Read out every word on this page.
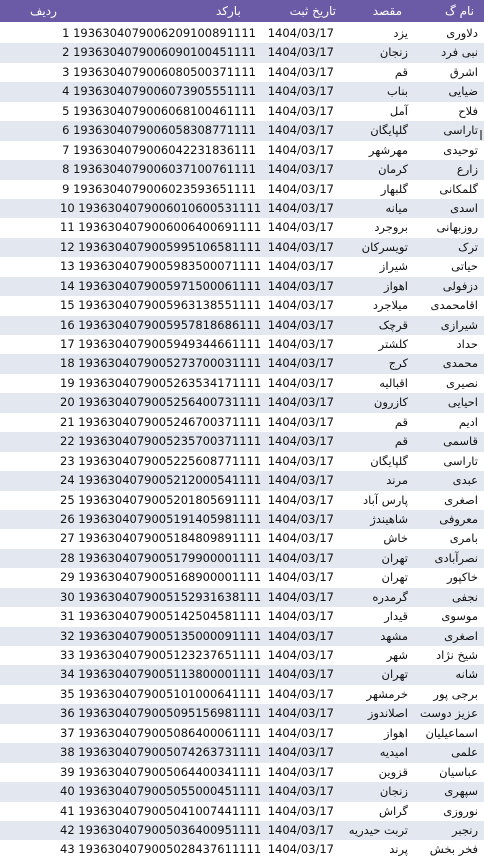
ردیف	بارکد	تاریخ ثبت	مقصد	نام گ
1 1936304079006209100891111	1404/03/17	یزد	دلاوری
2 1936304079006090100451111	1404/03/17	زنجان	نبی فرد
3 1936304079006080500371111	1404/03/17	قم	اشرق
4 1936304079006073905551111	1404/03/17	بناب	ضیایی
5 1936304079006068100461111	1404/03/17	آمل	فلاح
6 1936304079006058308771111	1404/03/17	گلپایگان	تاراسی
7 1936304079006042231836111	1404/03/17	مهرشهر	توحیدی
8 1936304079006037100761111	1404/03/17	کرمان	زارع
9 1936304079006023593651111	1404/03/17	گلبهار	گلمکانی
10 1936304079006010600531111 1404/03/17	میانه	اسدی
11 1936304079006006400691111 1404/03/17	بروجرد	روزبهانی
12 1936304079005995106581111 1404/03/17	تویسرکان	ترک
13 1936304079005983500071111 1404/03/17	شیراز	حیاتی
14 1936304079005971500061111 1404/03/17	اهواز	دزفولی
15 1936304079005963138551111 1404/03/17	میلاجرد	اقامحمدی
16 1936304079005957818686111 1404/03/17	قرچک	شیرازی
17 1936304079005949344661111 1404/03/17	کلشتر	حداد
18 1936304079005273700031111 1404/03/17	کرج	محمدی
19 1936304079005263534171111 1404/03/17	اقبالیه	نصیری
20 1936304079005256400731111 1404/03/17	کازرون	احیایی
21 1936304079005246700371111 1404/03/17	قم	ادیم
22 1936304079005235700371111 1404/03/17	قم	قاسمی
23 1936304079005225608771111 1404/03/17	گلپایگان	تاراسی
24 1936304079005212000541111 1404/03/17	مرند	عبدی
25 1936304079005201805691111 1404/03/17	پارس آباد	اصغری
26 1936304079005191405981111 1404/03/17	شاهیندژ	معروفی
27 1936304079005184809891111 1404/03/17	خاش	بامری
28 1936304079005179900001111 1404/03/17	تهران	نصرآبادی
29 1936304079005168900001111 1404/03/17	تهران	خاکپور
30 1936304079005152931638111 1404/03/17	گرمدره	نجفی
31 1936304079005142504581111 1404/03/17	قیدار	موسوی
32 1936304079005135000091111 1404/03/17	مشهد	اصغری
33 1936304079005123237651111 1404/03/17	شهر	شیخ نژاد
34 1936304079005113800001111 1404/03/17	تهران	شانه
35 1936304079005101000641111 1404/03/17	خرمشهر	برجی پور
36 1936304079005095156981111 1404/03/17	اصلاندوز	عزیز دوست
37 1936304079005086400061111 1404/03/17	اهواز	اسماعیلیان
38 1936304079005074263731111 1404/03/17	امیدیه	علمی
39 1936304079005064400341111 1404/03/17	قزوین	عباسیان
40 1936304079005055000451111 1404/03/17	زنجان	سپهری
41 1936304079005041007441111 1404/03/17	گراش	نوروزی
42 1936304079005036400951111 1404/03/17	تربت حیدریه	رنجبر
43 1936304079005028437611111 1404/03/17	پرند	فخر بخش
